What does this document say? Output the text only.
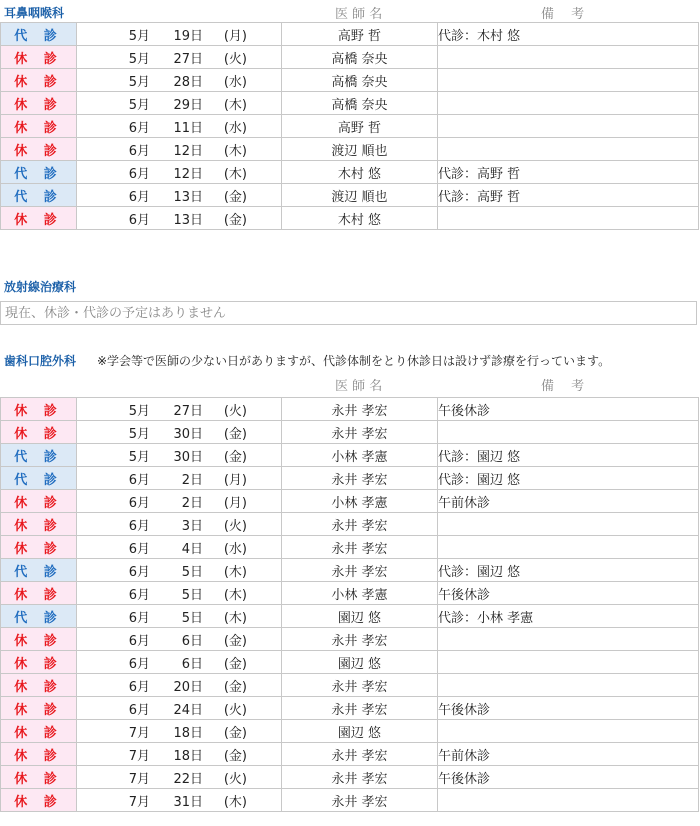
耳鼻咽喉科	医 師 名	備　 考
代 診	5月 19日 (月)	高野 哲	代診：木村 悠
休 診	5月 27日 (火)	高橋 奈央	
休 診	5月 28日 (水)	高橋 奈央	
休 診	5月 29日 (木)	高橋 奈央	
休 診	6月 11日 (水)	高野 哲	
休 診	6月 12日 (木)	渡辺 順也	
代 診	6月 12日 (木)	木村 悠	代診：高野 哲
代 診	6月 13日 (金)	渡辺 順也	代診：高野 哲
休 診	6月 13日 (金)	木村 悠	
放射線治療科
現在、休診・代診の予定はありません
歯科口腔外科 ※学会等で医師の少ない日がありますが、代診体制をとり休診日は設けず診療を行っています。
医 師 名	備　 考
休 診	5月 27日 (火)	永井 孝宏	午後休診
休 診	5月 30日 (金)	永井 孝宏	
代 診	5月 30日 (金)	小林 孝憲	代診：園辺 悠
代 診	6月 2日 (月)	永井 孝宏	代診：園辺 悠
休 診	6月 2日 (月)	小林 孝憲	午前休診
休 診	6月 3日 (火)	永井 孝宏	
休 診	6月 4日 (水)	永井 孝宏	
代 診	6月 5日 (木)	永井 孝宏	代診：園辺 悠
休 診	6月 5日 (木)	小林 孝憲	午後休診
代 診	6月 5日 (木)	園辺 悠	代診：小林 孝憲
休 診	6月 6日 (金)	永井 孝宏	
休 診	6月 6日 (金)	園辺 悠	
休 診	6月 20日 (金)	永井 孝宏	
休 診	6月 24日 (火)	永井 孝宏	午後休診
休 診	7月 18日 (金)	園辺 悠	
休 診	7月 18日 (金)	永井 孝宏	午前休診
休 診	7月 22日 (火)	永井 孝宏	午後休診
休 診	7月 31日 (木)	永井 孝宏	
